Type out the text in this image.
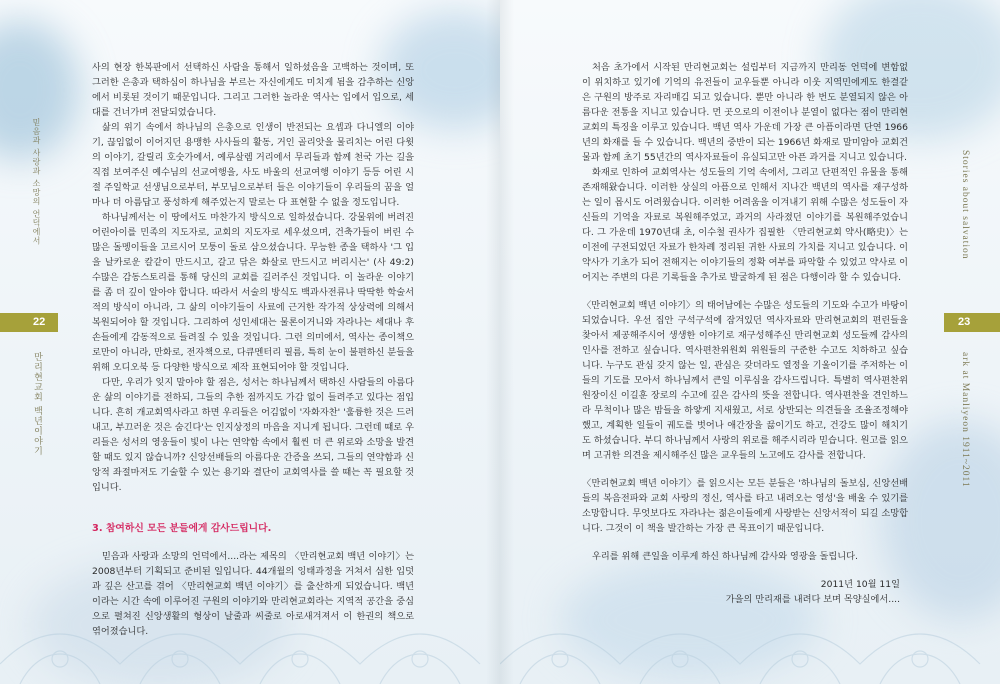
22
믿음과 사랑과 소망의 언덕에서
만리현교회 백년이야기

사의 현장 한복판에서 선택하신 사람을 통해서 일하셨음을 고백하는 것이며, 또 그러한 은총과 택하심이 하나님을 부르는 자신에게도 미치게 됨을 감추하는 신앙에서 비롯된 것이기 때문입니다. 그리고 그러한 놀라운 역사는 입에서 입으로, 세대를 건너가며 전달되었습니다.

삶의 위기 속에서 하나님의 은총으로 인생이 반전되는 요셉과 다니엘의 이야기, 끊임없이 이어지던 용맹한 사사들의 활동, 거인 골리앗을 물리치는 어린 다윗의 이야기, 갈릴리 호숫가에서, 예루살렘 거리에서 무리들과 함께 천국 가는 길을 직접 보여주신 예수님의 선교여행을, 사도 바울의 선교여행 이야기 등등 어린 시절 주일학교 선생님으로부터, 부모님으로부터 들은 이야기들이 우리들의 꿈을 얼마나 더 아름답고 풍성하게 해주었는지 말로는 다 표현할 수 없을 정도입니다.

하나님께서는 이 땅에서도 마찬가지 방식으로 일하셨습니다. 강물위에 버려진 어린아이를 민족의 지도자로, 교회의 지도자로 세우셨으며, 건축가들이 버린 수많은 돌멩이들을 고르시어 모퉁이 돌로 삼으셨습니다. 무능한 종을 택하사 '그 입을 날카로운 칼같이 만드시고, 갈고 닦은 화살로 만드시고 버리시는' (사 49:2) 수많은 감동스토리를 통해 당신의 교회를 길러주신 것입니다. 이 놀라운 이야기를 좀 더 깊이 알아야 합니다. 따라서 서술의 방식도 백과사전류나 딱딱한 학술서적의 방식이 아니라, 그 삶의 이야기들이 사료에 근거한 작가적 상상력에 의해서 복원되어야 할 것입니다. 그리하여 성인세대는 물론이거니와 자라나는 세대나 후손들에게 감동적으로 들려질 수 있을 것입니다. 그런 의미에서, 역사는 종이책으로만이 아니라, 만화로, 전자책으로, 다큐멘터리 필름, 특히 눈이 불편하신 분들을 위해 오디오북 등 다양한 방식으로 제작 표현되어야 할 것입니다.

다만, 우리가 잊지 말아야 할 점은, 성서는 하나님께서 택하신 사람들의 아름다운 삶의 이야기를 전하되, 그들의 추한 점까지도 가감 없이 들려주고 있다는 점입니다. 흔히 개교회역사라고 하면 우리들은 어김없이 '자화자찬' '훌륭한 것은 드러내고, 부끄러운 것은 숨긴다'는 인지상정의 마음을 지니게 됩니다. 그런데 때로 우리들은 성서의 영웅들이 빛이 나는 연약함 속에서 훨씬 더 큰 위로와 소망을 발견할 때도 있지 않습니까? 신앙선배들의 아름다운 간증을 쓰되, 그들의 연약함과 신앙적 좌절마저도 기술할 수 있는 용기와 결단이 교회역사를 쓸 때는 꼭 필요할 것입니다.

3. 참여하신 모든 분들에게 감사드립니다.

믿음과 사랑과 소망의 언덕에서....라는 제목의 〈만리현교회 백년 이야기〉는 2008년부터 기획되고 준비된 일입니다. 44개월의 잉태과정을 거쳐서 심한 입덧과 깊은 산고를 겪어 〈만리현교회 백년 이야기〉를 출산하게 되었습니다. 백년이라는 시간 속에 이루어진 구원의 이야기와 만리현교회라는 지역적 공간을 중심으로 펼쳐진 신앙생활의 형상이 날줄과 씨줄로 아로새겨져서 이 한권의 책으로 엮어졌습니다.

23
Stories about salvation
ark at Manliyeon 1911~2011

처음 초가에서 시작된 만리현교회는 설립부터 지금까지 만리동 언덕에 변함없이 위치하고 있기에 기억의 유전들이 교우들뿐 아니라 이웃 지역민에게도 한결같은 구원의 방주로 자리매김 되고 있습니다. 뿐만 아니라 한 번도 분열되지 않은 아름다운 전통을 지니고 있습니다. 먼 곳으로의 이전이나 분열이 없다는 점이 만리현교회의 특징을 이루고 있습니다. 백년 역사 가운데 가장 큰 아픔이라면 단연 1966년의 화재를 들 수 있습니다. 백년의 중반이 되는 1966년 화재로 말미암아 교회건물과 함께 초기 55년간의 역사자료들이 유실되고만 아픈 과거를 지니고 있습니다.

화재로 인하여 교회역사는 성도들의 기억 속에서, 그리고 단편적인 유물을 통해 존재해왔습니다. 이러한 상실의 아픔으로 인해서 지나간 백년의 역사를 재구성하는 일이 몹시도 어려웠습니다. 이러한 어려움을 이겨내기 위해 수많은 성도들이 자신들의 기억을 자료로 복원해주었고, 과거의 사라졌던 이야기를 복원해주었습니다. 그 가운데 1970년대 초, 이수철 권사가 집필한 〈만리현교회 약사(略史)〉는 이전에 구전되었던 자료가 한차례 정리된 귀한 사료의 가치를 지니고 있습니다. 이 약사가 기초가 되어 전해지는 이야기들의 정확 여부를 파악할 수 있었고 약사로 이어지는 주변의 다른 기록들을 추가로 발굴하게 된 점은 다행이라 할 수 있습니다.

〈만리현교회 백년 이야기〉의 태어남에는 수많은 성도들의 기도와 수고가 바탕이 되었습니다. 우선 집안 구석구석에 잠겨있던 역사자료와 만리현교회의 편린들을 찾아서 제공해주시어 생생한 이야기로 재구성해주신 만리현교회 성도들께 감사의 인사를 전하고 싶습니다. 역사편찬위원회 위원들의 구준한 수고도 치하하고 싶습니다. 누구도 관심 갖지 않는 일, 관심은 갖더라도 열정을 기울이기를 주저하는 이들의 기도를 모아서 하나님께서 큰일 이루심을 감사드립니다. 특별히 역사편찬위원장이신 이길훈 장로의 수고에 깊은 감사의 뜻을 전합니다. 역사편찬을 견인하느라 무척이나 많은 밤들을 하얗게 지새웠고, 서로 상반되는 의견들을 조율조정해야 했고, 계획한 일들이 궤도를 벗어나 애간장을 끓이기도 하고, 건강도 많이 해치기도 하셨습니다. 부디 하나님께서 사랑의 위로를 해주시리라 믿습니다. 원고를 읽으며 고귀한 의견을 제시해주신 많은 교우들의 노고에도 감사를 전합니다.

〈만리현교회 백년 이야기〉를 읽으시는 모든 분들은 '하나님의 돌보심, 신앙선배들의 복음전파와 교회 사랑의 정신, 역사를 타고 내려오는 영성'을 배울 수 있기를 소망합니다. 무엇보다도 자라나는 젊은이들에게 사랑받는 신앙서적이 되길 소망합니다. 그것이 이 책을 발간하는 가장 큰 목표이기 때문입니다.

우리를 위해 큰일을 이루게 하신 하나님께 감사와 영광을 돌립니다.

2011년 10월 11일

가을의 만리재를 내려다 보며 목양실에서....
